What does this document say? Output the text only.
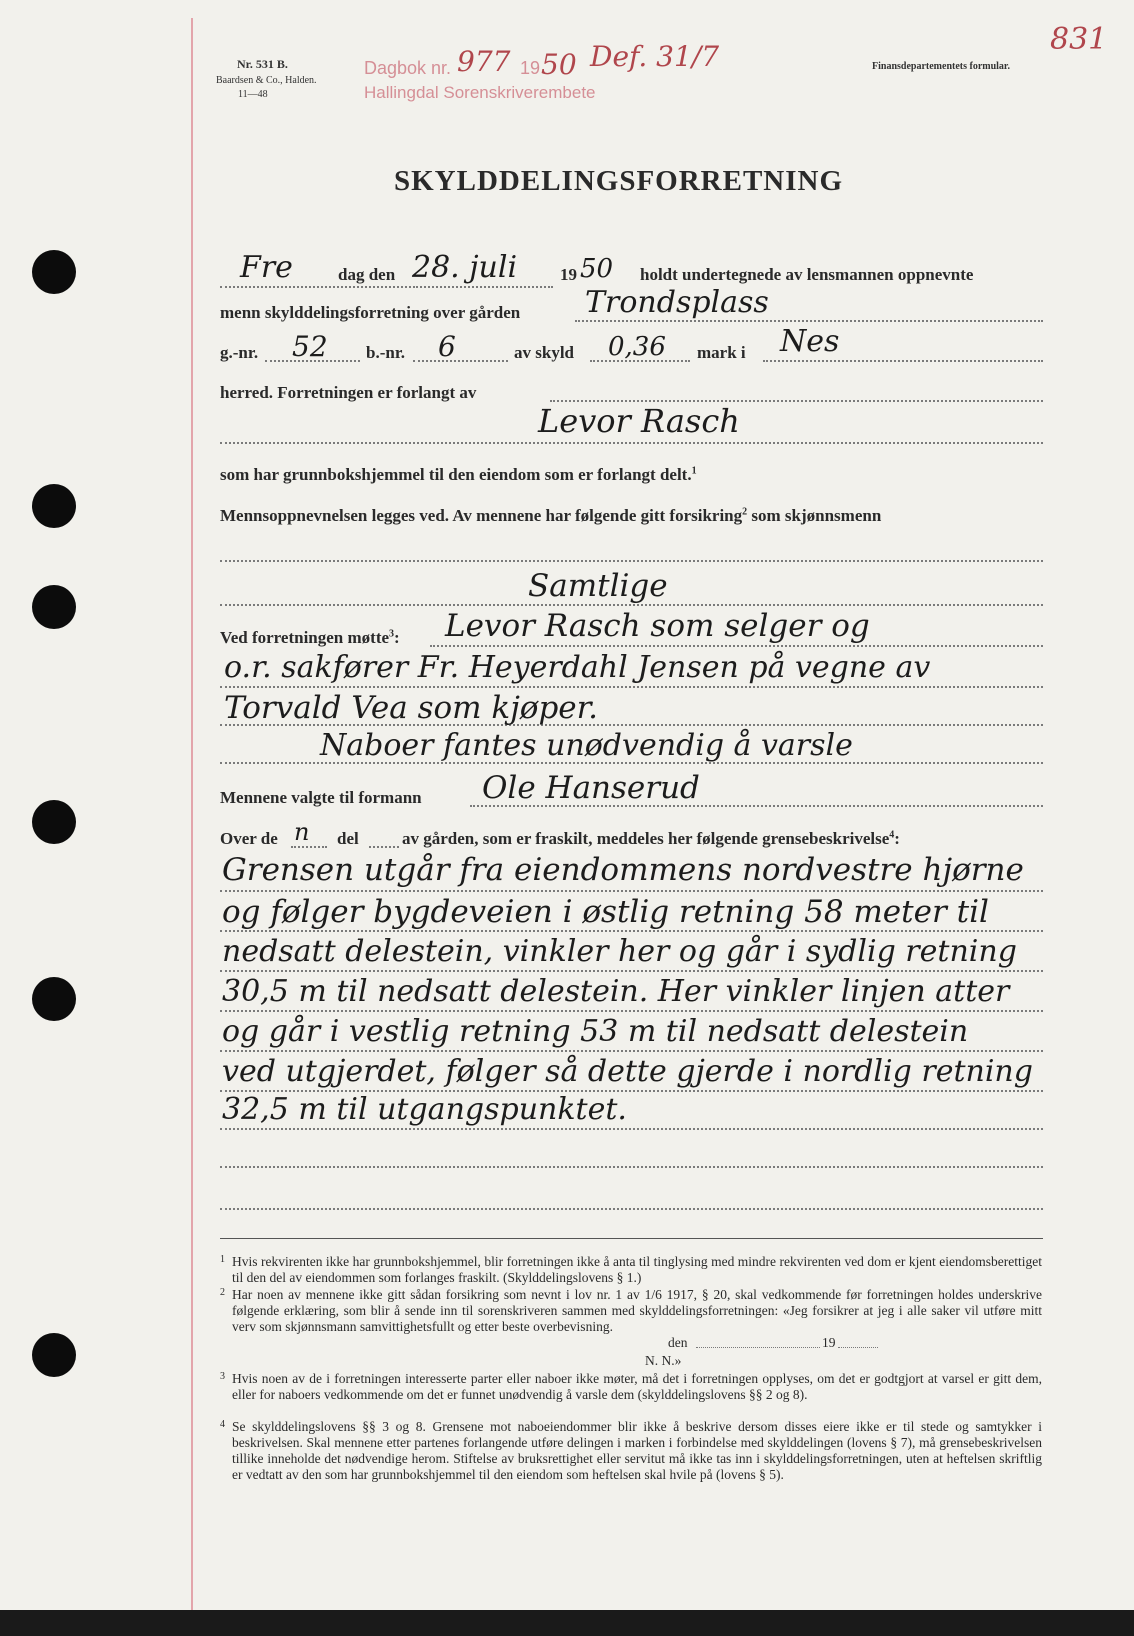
Nr. 531 B.
Baardsen & Co., Halden.
11—48
Dagbok nr. 977 19 50 Def. 31/7
Hallingdal Sorenskriverembete
Finansdepartementets formular.
831
SKYLDDELINGSFORRETNING
Fre	dag den 28. juli	19 50 holdt undertegnede av lensmannen oppnevnte
menn skylddelingsforretning over gården Trondsplass
g.-nr. 52 b.-nr. 6	av skyld 0,36 mark i Nes
herred. Forretningen er forlangt av
Levor Rasch
som har grunnbokshjemmel til den eiendom som er forlangt delt.$^1$
Mennsoppnevnelsen legges ved. Av mennene har følgende gitt forsikring$^2$ som skjønnsmenn
Samtlige
Ved forretningen møtte$^3$: Levor Rasch som selger og
o.r. sakfører Fr. Heyerdahl Jensen på vegne av
Torvald Vea som kjøper.
Naboer fantes unødvendig å varsle
Mennene valgte til formann Ole Hanserud
Over de n del	av gården, som er fraskilt, meddeles her følgende grensebeskrivelse$^4$:
Grensen utgår fra eiendommens nordvestre hjørne
og følger bygdeveien i østlig retning 58 meter til
nedsatt delestein, vinkler her og går i sydlig retning
30,5 m til nedsatt delestein. Her vinkler linjen atter
og går i vestlig retning 53 m til nedsatt delestein
ved utgjerdet, følger så dette gjerde i nordlig retning
32,5 m til utgangspunktet.
1 Hvis rekvirenten ikke har grunnbokshjemmel, blir forretningen ikke å anta til tinglysing med mindre rekvirenten ved dom er kjent eiendomsberettiget til den del av eiendommen som forlanges fraskilt. (Skylddelingslovens § 1.)
2 Har noen av mennene ikke gitt sådan forsikring som nevnt i lov nr. 1 av 1/6 1917, § 20, skal vedkommende før forretningen holdes underskrive følgende erklæring, som blir å sende inn til sorenskriveren sammen med skylddelingsforretningen: «Jeg forsikrer at jeg i alle saker vil utføre mitt verv som skjønnsmann samvittighetsfullt og etter beste overbevisning.
den	19
N. N.»
3 Hvis noen av de i forretningen interesserte parter eller naboer ikke møter, må det i forretningen opplyses, om det er godtgjort at varsel er gitt dem, eller for naboers vedkommende om det er funnet unødvendig å varsle dem (skylddelingslovens §§ 2 og 8).
4 Se skylddelingslovens §§ 3 og 8. Grensene mot naboeiendommer blir ikke å beskrive dersom disses eiere ikke er til stede og samtykker i beskrivelsen. Skal mennene etter partenes forlangende utføre delingen i marken i forbindelse med skylddelingen (lovens § 7), må grensebeskrivelsen tillike inneholde det nødvendige herom. Stiftelse av bruksrettighet eller servitut må ikke tas inn i skylddelingsforretningen, uten at heftelsen skriftlig er vedtatt av den som har grunnbokshjemmel til den eiendom som heftelsen skal hvile på (lovens § 5).
